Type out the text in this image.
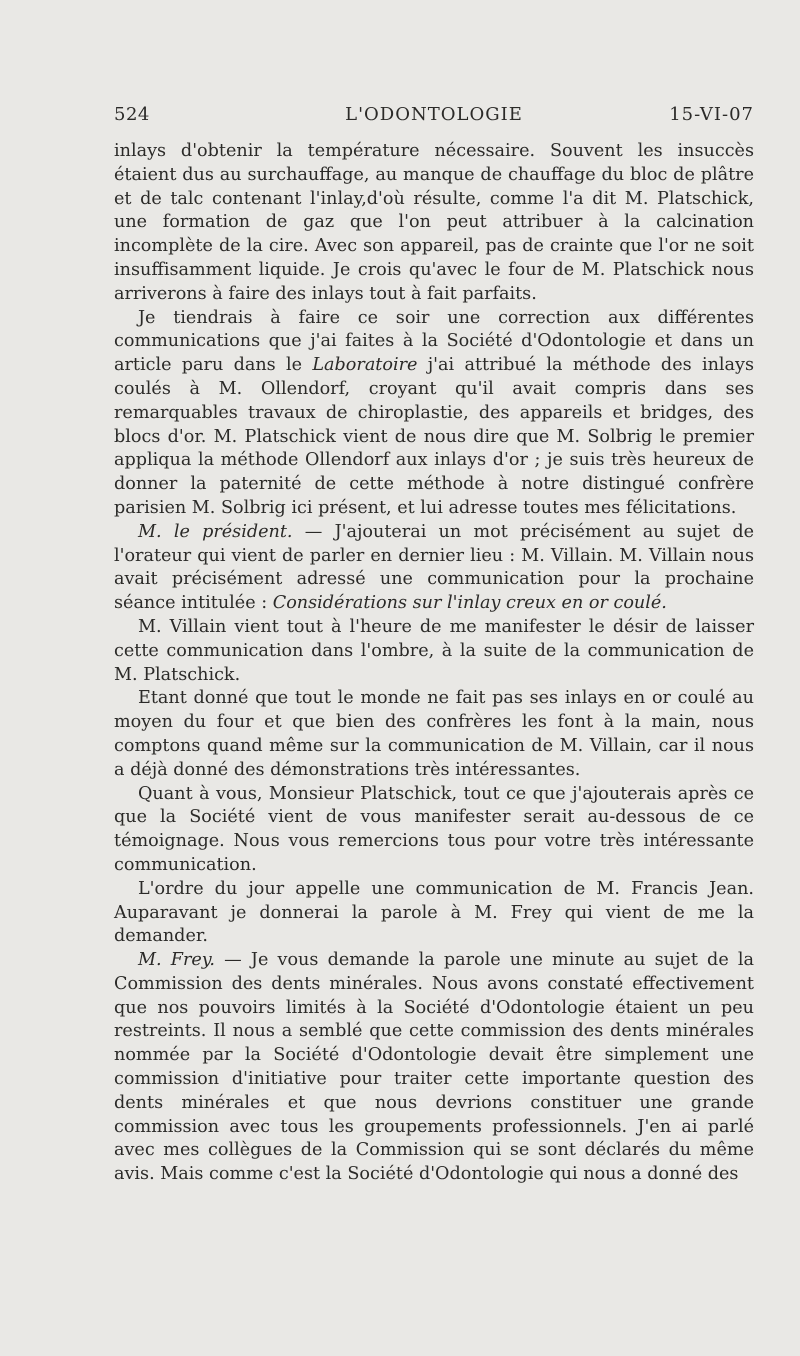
524	L'ODONTOLOGIE	15-VI-07

inlays d'obtenir la température nécessaire. Souvent les insuccès étaient dus au surchauffage, au manque de chauffage du bloc de plâtre et de talc contenant l'inlay,d'où résulte, comme l'a dit M. Platschick, une formation de gaz que l'on peut attribuer à la calcination incomplète de la cire. Avec son appareil, pas de crainte que l'or ne soit insuffisamment liquide. Je crois qu'avec le four de M. Platschick nous arriverons à faire des inlays tout à fait parfaits.

Je tiendrais à faire ce soir une correction aux différentes communications que j'ai faites à la Société d'Odontologie et dans un article paru dans le Laboratoire j'ai attribué la méthode des inlays coulés à M. Ollendorf, croyant qu'il avait compris dans ses remarquables travaux de chiroplastie, des appareils et bridges, des blocs d'or. M. Platschick vient de nous dire que M. Solbrig le premier appliqua la méthode Ollendorf aux inlays d'or ; je suis très heureux de donner la paternité de cette méthode à notre distingué confrère parisien M. Solbrig ici présent, et lui adresse toutes mes félicitations.

M. le président. — J'ajouterai un mot précisément au sujet de l'orateur qui vient de parler en dernier lieu : M. Villain. M. Villain nous avait précisément adressé une communication pour la prochaine séance intitulée : Considérations sur l'inlay creux en or coulé.

M. Villain vient tout à l'heure de me manifester le désir de laisser cette communication dans l'ombre, à la suite de la communication de M. Platschick.

Etant donné que tout le monde ne fait pas ses inlays en or coulé au moyen du four et que bien des confrères les font à la main, nous comptons quand même sur la communication de M. Villain, car il nous a déjà donné des démonstrations très intéressantes.

Quant à vous, Monsieur Platschick, tout ce que j'ajouterais après ce que la Société vient de vous manifester serait au-dessous de ce témoignage. Nous vous remercions tous pour votre très intéressante communication.

L'ordre du jour appelle une communication de M. Francis Jean. Auparavant je donnerai la parole à M. Frey qui vient de me la demander.

M. Frey. — Je vous demande la parole une minute au sujet de la Commission des dents minérales. Nous avons constaté effectivement que nos pouvoirs limités à la Société d'Odontologie étaient un peu restreints. Il nous a semblé que cette commission des dents minérales nommée par la Société d'Odontologie devait être simplement une commission d'initiative pour traiter cette importante question des dents minérales et que nous devrions constituer une grande commission avec tous les groupements professionnels. J'en ai parlé avec mes collègues de la Commission qui se sont déclarés du même avis. Mais comme c'est la Société d'Odontologie qui nous a donné des
